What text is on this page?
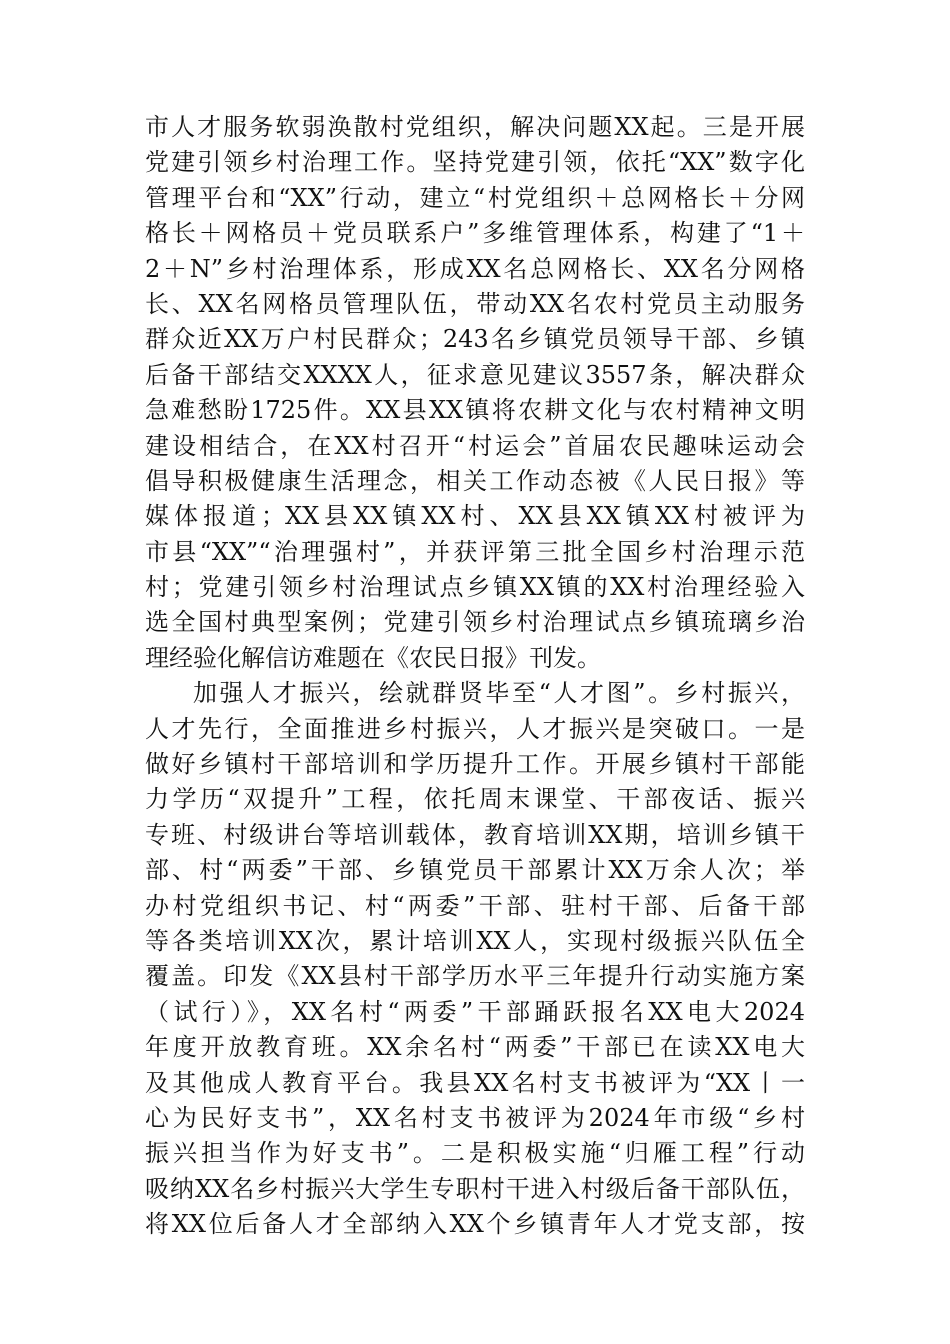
市人才服务软弱涣散村党组织，解决问题XX起。三是开展
党建引领乡村治理工作。坚持党建引领，依托“XX”数字化
管理平台和“XX”行动，建立“村党组织＋总网格长＋分网
格长＋网格员＋党员联系户”多维管理体系，构建了“1＋
2＋N”乡村治理体系，形成XX名总网格长、XX名分网格
长、XX名网格员管理队伍，带动XX名农村党员主动服务
群众近XX万户村民群众；243名乡镇党员领导干部、乡镇
后备干部结交XXXX人，征求意见建议3557条，解决群众
急难愁盼1725件。XX县XX镇将农耕文化与农村精神文明
建设相结合，在XX村召开“村运会”首届农民趣味运动会
倡导积极健康生活理念，相关工作动态被《人民日报》等
媒体报道；XX县XX镇XX村、XX县XX镇XX村被评为
市县“XX”“治理强村”，并获评第三批全国乡村治理示范
村；党建引领乡村治理试点乡镇XX镇的XX村治理经验入
选全国村典型案例；党建引领乡村治理试点乡镇琉璃乡治
理经验化解信访难题在《农民日报》刊发。
加强人才振兴，绘就群贤毕至“人才图”。乡村振兴，
人才先行，全面推进乡村振兴，人才振兴是突破口。一是
做好乡镇村干部培训和学历提升工作。开展乡镇村干部能
力学历“双提升”工程，依托周末课堂、干部夜话、振兴
专班、村级讲台等培训载体，教育培训XX期，培训乡镇干
部、村“两委”干部、乡镇党员干部累计XX万余人次；举
办村党组织书记、村“两委”干部、驻村干部、后备干部
等各类培训XX次，累计培训XX人，实现村级振兴队伍全
覆盖。印发《XX县村干部学历水平三年提升行动实施方案
（试行）》，XX名村“两委”干部踊跃报名XX电大2024
年度开放教育班。XX余名村“两委”干部已在读XX电大
及其他成人教育平台。我县XX名村支书被评为“XX丨一
心为民好支书”，XX名村支书被评为2024年市级“乡村
振兴担当作为好支书”。二是积极实施“归雁工程”行动
吸纳XX名乡村振兴大学生专职村干进入村级后备干部队伍，
将XX位后备人才全部纳入XX个乡镇青年人才党支部，按
